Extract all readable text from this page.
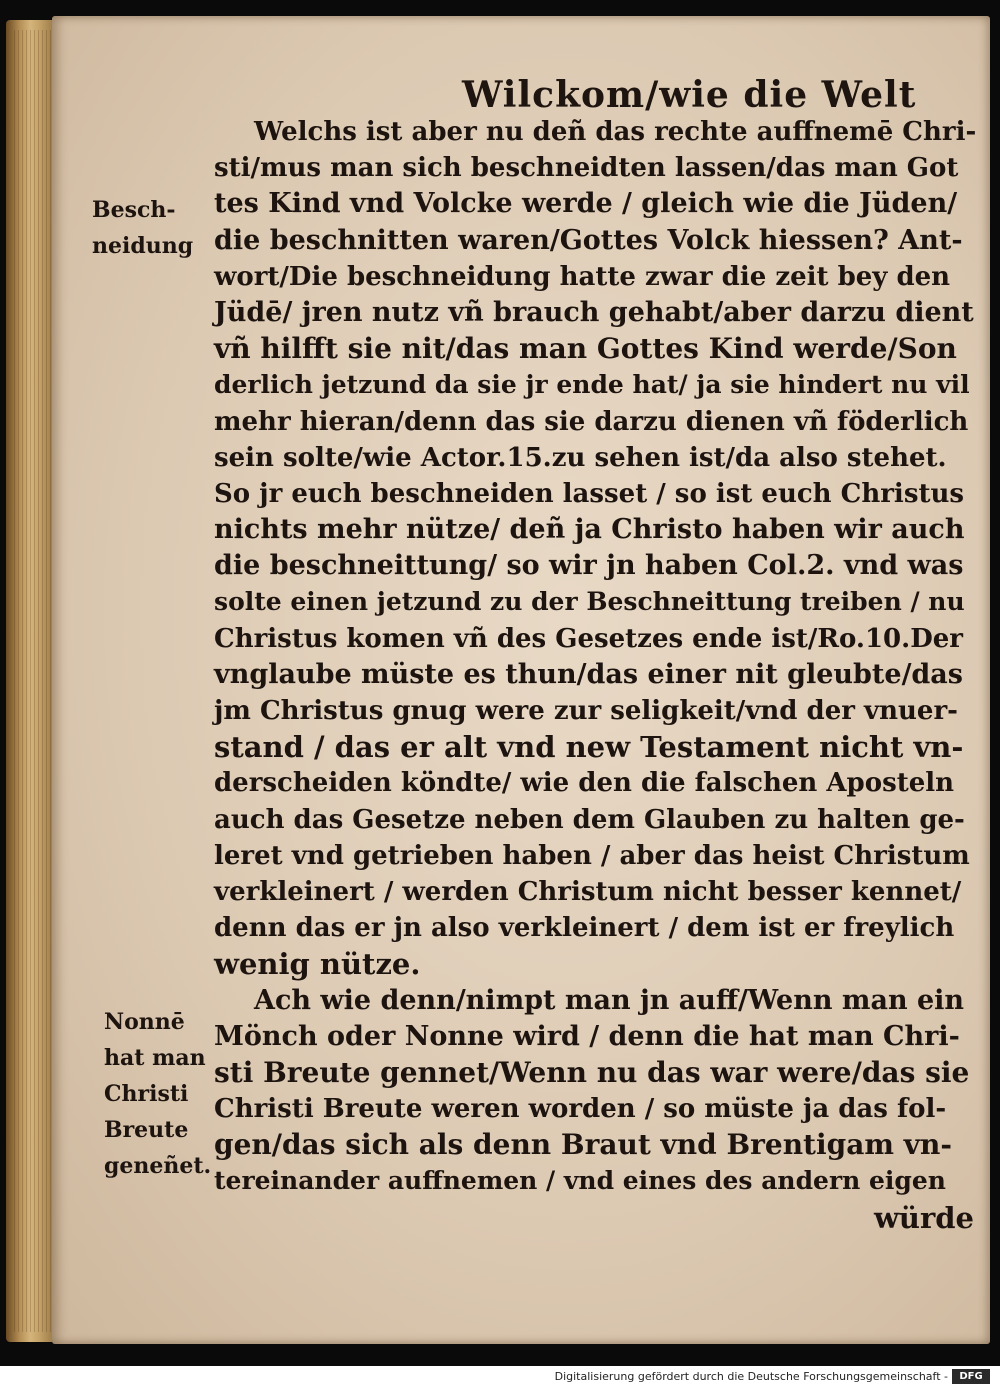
Wilckom/wie die Welt
Welchs ist aber nu deñ das rechte auffnemē Chri-
sti/mus man sich beschneidten lassen/das man Got
tes Kind vnd Volcke werde / gleich wie die Jüden/
die beschnitten waren/Gottes Volck hiessen? Ant-
wort/Die beschneidung hatte zwar die zeit bey den
Jüdē/ jren nutz vñ brauch gehabt/aber darzu dient
vñ hilfft sie nit/das man Gottes Kind werde/Son
derlich jetzund da sie jr ende hat/ ja sie hindert nu vil
mehr hieran/denn das sie darzu dienen vñ föderlich
sein solte/wie Actor.15.zu sehen ist/da also stehet.
So jr euch beschneiden lasset / so ist euch Christus
nichts mehr nütze/ deñ ja Christo haben wir auch
die beschneittung/ so wir jn haben Col.2. vnd was
solte einen jetzund zu der Beschneittung treiben / nu
Christus komen vñ des Gesetzes ende ist/Ro.10.Der
vnglaube müste es thun/das einer nit gleubte/das
jm Christus gnug were zur seligkeit/vnd der vnuer-
stand / das er alt vnd new Testament nicht vn-
derscheiden köndte/ wie den die falschen Aposteln
auch das Gesetze neben dem Glauben zu halten ge-
leret vnd getrieben haben / aber das heist Christum
verkleinert / werden Christum nicht besser kennet/
denn das er jn also verkleinert / dem ist er freylich
wenig nütze.
Ach wie denn/nimpt man jn auff/Wenn man ein
Mönch oder Nonne wird / denn die hat man Chri-
sti Breute gennet/Wenn nu das war were/das sie
Christi Breute weren worden / so müste ja das fol-
gen/das sich als denn Braut vnd Brentigam vn-
tereinander auffnemen / vnd eines des andern eigen
würde
Besch-
neidung
Nonnē
hat man
Christi
Breute
geneñet.
Digitalisierung gefördert durch die Deutsche Forschungsgemeinschaft -	DFG
